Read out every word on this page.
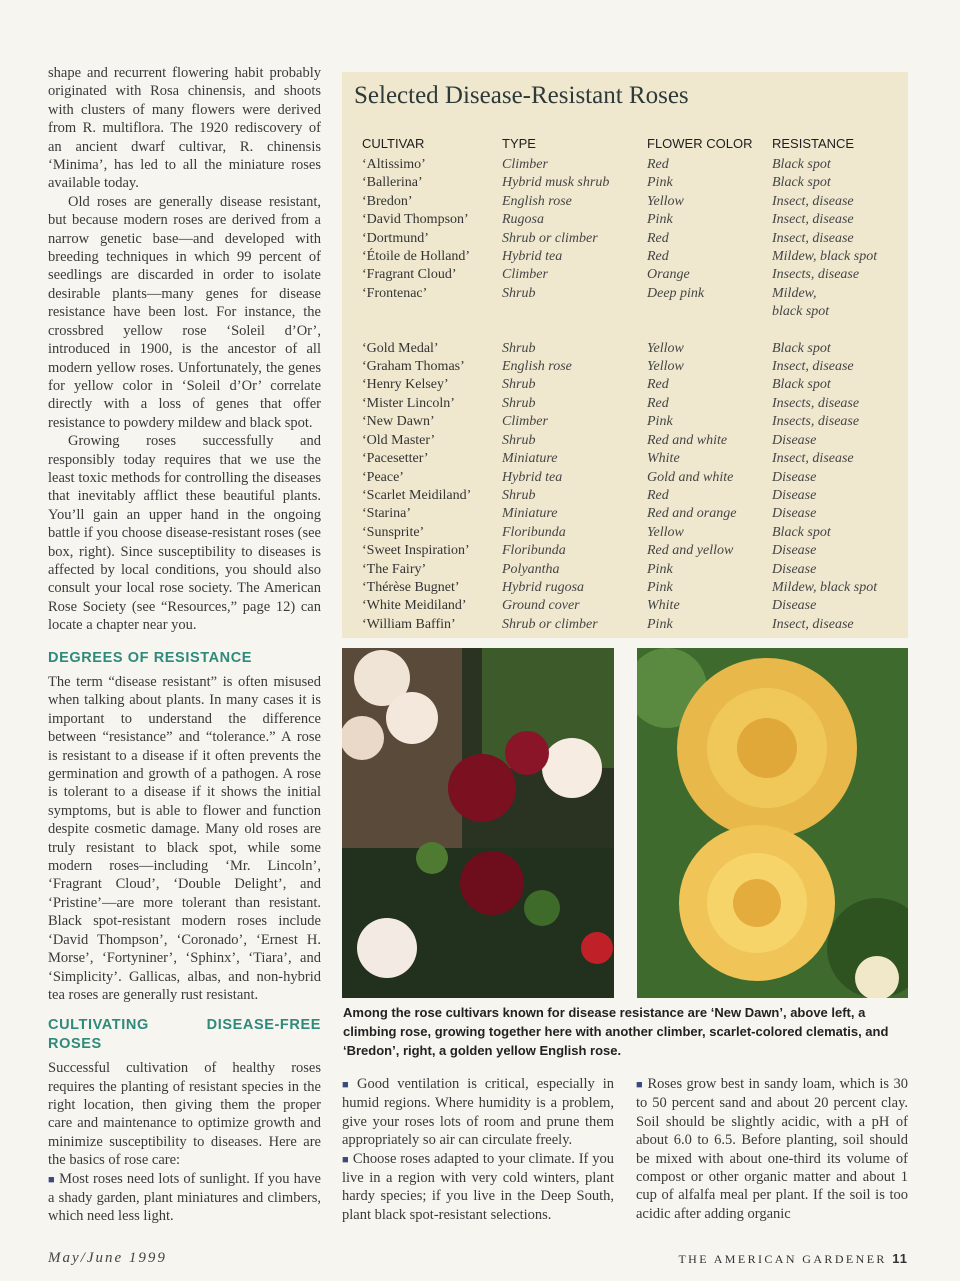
shape and recurrent flowering habit probably originated with Rosa chinensis, and shoots with clusters of many flowers were derived from R. multiflora. The 1920 rediscovery of an ancient dwarf cultivar, R. chinensis ‘Minima’, has led to all the miniature roses available today.

Old roses are generally disease resistant, but because modern roses are derived from a narrow genetic base—and developed with breeding techniques in which 99 percent of seedlings are discarded in order to isolate desirable plants—many genes for disease resistance have been lost. For instance, the crossbred yellow rose ‘Soleil d’Or’, introduced in 1900, is the ancestor of all modern yellow roses. Unfortunately, the genes for yellow color in ‘Soleil d’Or’ correlate directly with a loss of genes that offer resistance to powdery mildew and black spot.

Growing roses successfully and responsibly today requires that we use the least toxic methods for controlling the diseases that inevitably afflict these beautiful plants. You’ll gain an upper hand in the ongoing battle if you choose disease-resistant roses (see box, right). Since susceptibility to diseases is affected by local conditions, you should also consult your local rose society. The American Rose Society (see “Resources,” page 12) can locate a chapter near you.

DEGREES OF RESISTANCE

The term “disease resistant” is often misused when talking about plants. In many cases it is important to understand the difference between “resistance” and “tolerance.” A rose is resistant to a disease if it often prevents the germination and growth of a pathogen. A rose is tolerant to a disease if it shows the initial symptoms, but is able to flower and function despite cosmetic damage. Many old roses are truly resistant to black spot, while some modern roses—including ‘Mr. Lincoln’, ‘Fragrant Cloud’, ‘Double Delight’, and ‘Pristine’—are more tolerant than resistant. Black spot-resistant modern roses include ‘David Thompson’, ‘Coronado’, ‘Ernest H. Morse’, ‘Fortyniner’, ‘Sphinx’, ‘Tiara’, and ‘Simplicity’. Gallicas, albas, and non-hybrid tea roses are generally rust resistant.

CULTIVATING DISEASE-FREE ROSES

Successful cultivation of healthy roses requires the planting of resistant species in the right location, then giving them the proper care and maintenance to optimize growth and minimize susceptibility to diseases. Here are the basics of rose care:

■ Most roses need lots of sunlight. If you have a shady garden, plant miniatures and climbers, which need less light.

Selected Disease-Resistant Roses
CULTIVAR	TYPE	FLOWER COLOR	RESISTANCE
‘Altissimo’	Climber	Red	Black spot
‘Ballerina’	Hybrid musk shrub	Pink	Black spot
‘Bredon’	English rose	Yellow	Insect, disease
‘David Thompson’	Rugosa	Pink	Insect, disease
‘Dortmund’	Shrub or climber	Red	Insect, disease
‘Étoile de Holland’	Hybrid tea	Red	Mildew, black spot
‘Fragrant Cloud’	Climber	Orange	Insects, disease
‘Frontenac’	Shrub	Deep pink	Mildew,
black spot

‘Gold Medal’	Shrub	Yellow	Black spot
‘Graham Thomas’	English rose	Yellow	Insect, disease
‘Henry Kelsey’	Shrub	Red	Black spot
‘Mister Lincoln’	Shrub	Red	Insects, disease
‘New Dawn’	Climber	Pink	Insects, disease
‘Old Master’	Shrub	Red and white	Disease
‘Pacesetter’	Miniature	White	Insect, disease
‘Peace’	Hybrid tea	Gold and white	Disease
‘Scarlet Meidiland’	Shrub	Red	Disease
‘Starina’	Miniature	Red and orange	Disease
‘Sunsprite’	Floribunda	Yellow	Black spot
‘Sweet Inspiration’	Floribunda	Red and yellow	Disease
‘The Fairy’	Polyantha	Pink	Disease
‘Thérèse Bugnet’	Hybrid rugosa	Pink	Mildew, black spot
‘White Meidiland’	Ground cover	White	Disease
‘William Baffin’	Shrub or climber	Pink	Insect, disease
Among the rose cultivars known for disease resistance are ‘New Dawn’, above left, a climbing rose, growing together here with another climber, scarlet-colored clematis, and ‘Bredon’, right, a golden yellow English rose.

■ Good ventilation is critical, especially in humid regions. Where humidity is a problem, give your roses lots of room and prune them appropriately so air can circulate freely.

■ Choose roses adapted to your climate. If you live in a region with very cold winters, plant hardy species; if you live in the Deep South, plant black spot-resistant selections.

■ Roses grow best in sandy loam, which is 30 to 50 percent sand and about 20 percent clay. Soil should be slightly acidic, with a pH of about 6.0 to 6.5. Before planting, soil should be mixed with about one-third its volume of compost or other organic matter and about 1 cup of alfalfa meal per plant. If the soil is too acidic after adding organic

May/June 1999	THE AMERICAN GARDENER 11
